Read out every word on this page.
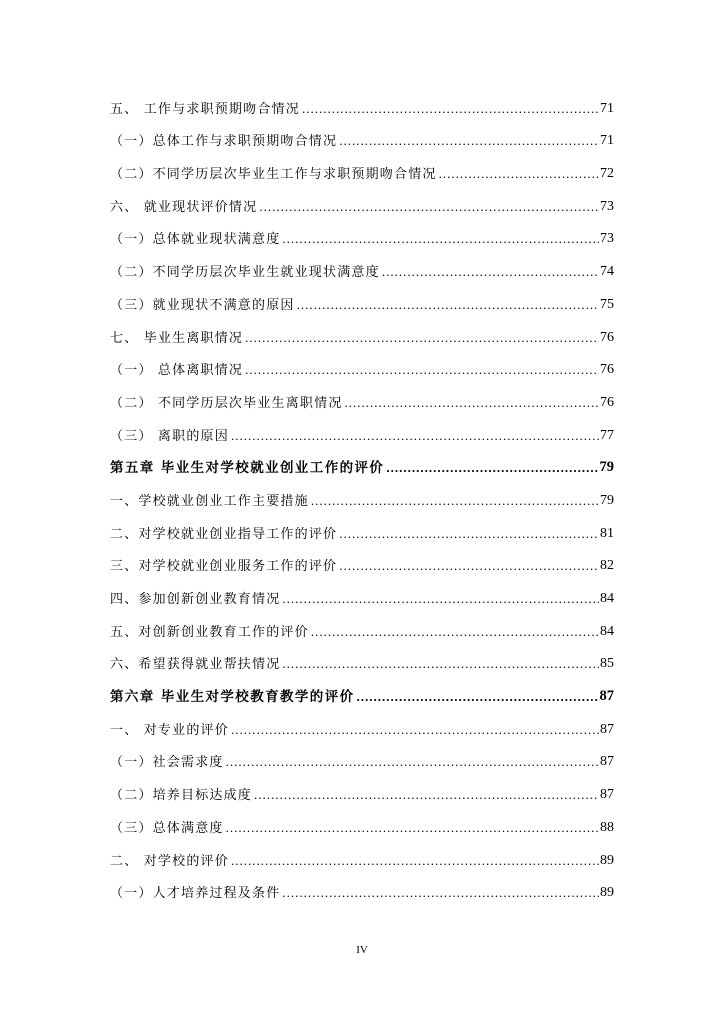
五、 工作与求职预期吻合情况 .....	71
（一）总体工作与求职预期吻合情况 .....	71
（二）不同学历层次毕业生工作与求职预期吻合情况 .....	72
六、 就业现状评价情况 .....	73
（一）总体就业现状满意度 .....	73
（二）不同学历层次毕业生就业现状满意度 .....	74
（三）就业现状不满意的原因 .....	75
七、 毕业生离职情况 .....	76
（一） 总体离职情况 .....	76
（二） 不同学历层次毕业生离职情况 .....	76
（三） 离职的原因 .....	77
第五章 毕业生对学校就业创业工作的评价 .....	79
一、学校就业创业工作主要措施 .....	79
二、对学校就业创业指导工作的评价 .....	81
三、对学校就业创业服务工作的评价 .....	82
四、参加创新创业教育情况 .....	84
五、对创新创业教育工作的评价 .....	84
六、希望获得就业帮扶情况 .....	85
第六章 毕业生对学校教育教学的评价 .....	87
一、 对专业的评价 .....	87
（一）社会需求度 .....	87
（二）培养目标达成度 .....	87
（三）总体满意度 .....	88
二、 对学校的评价 .....	89
（一）人才培养过程及条件 .....	89
IV
